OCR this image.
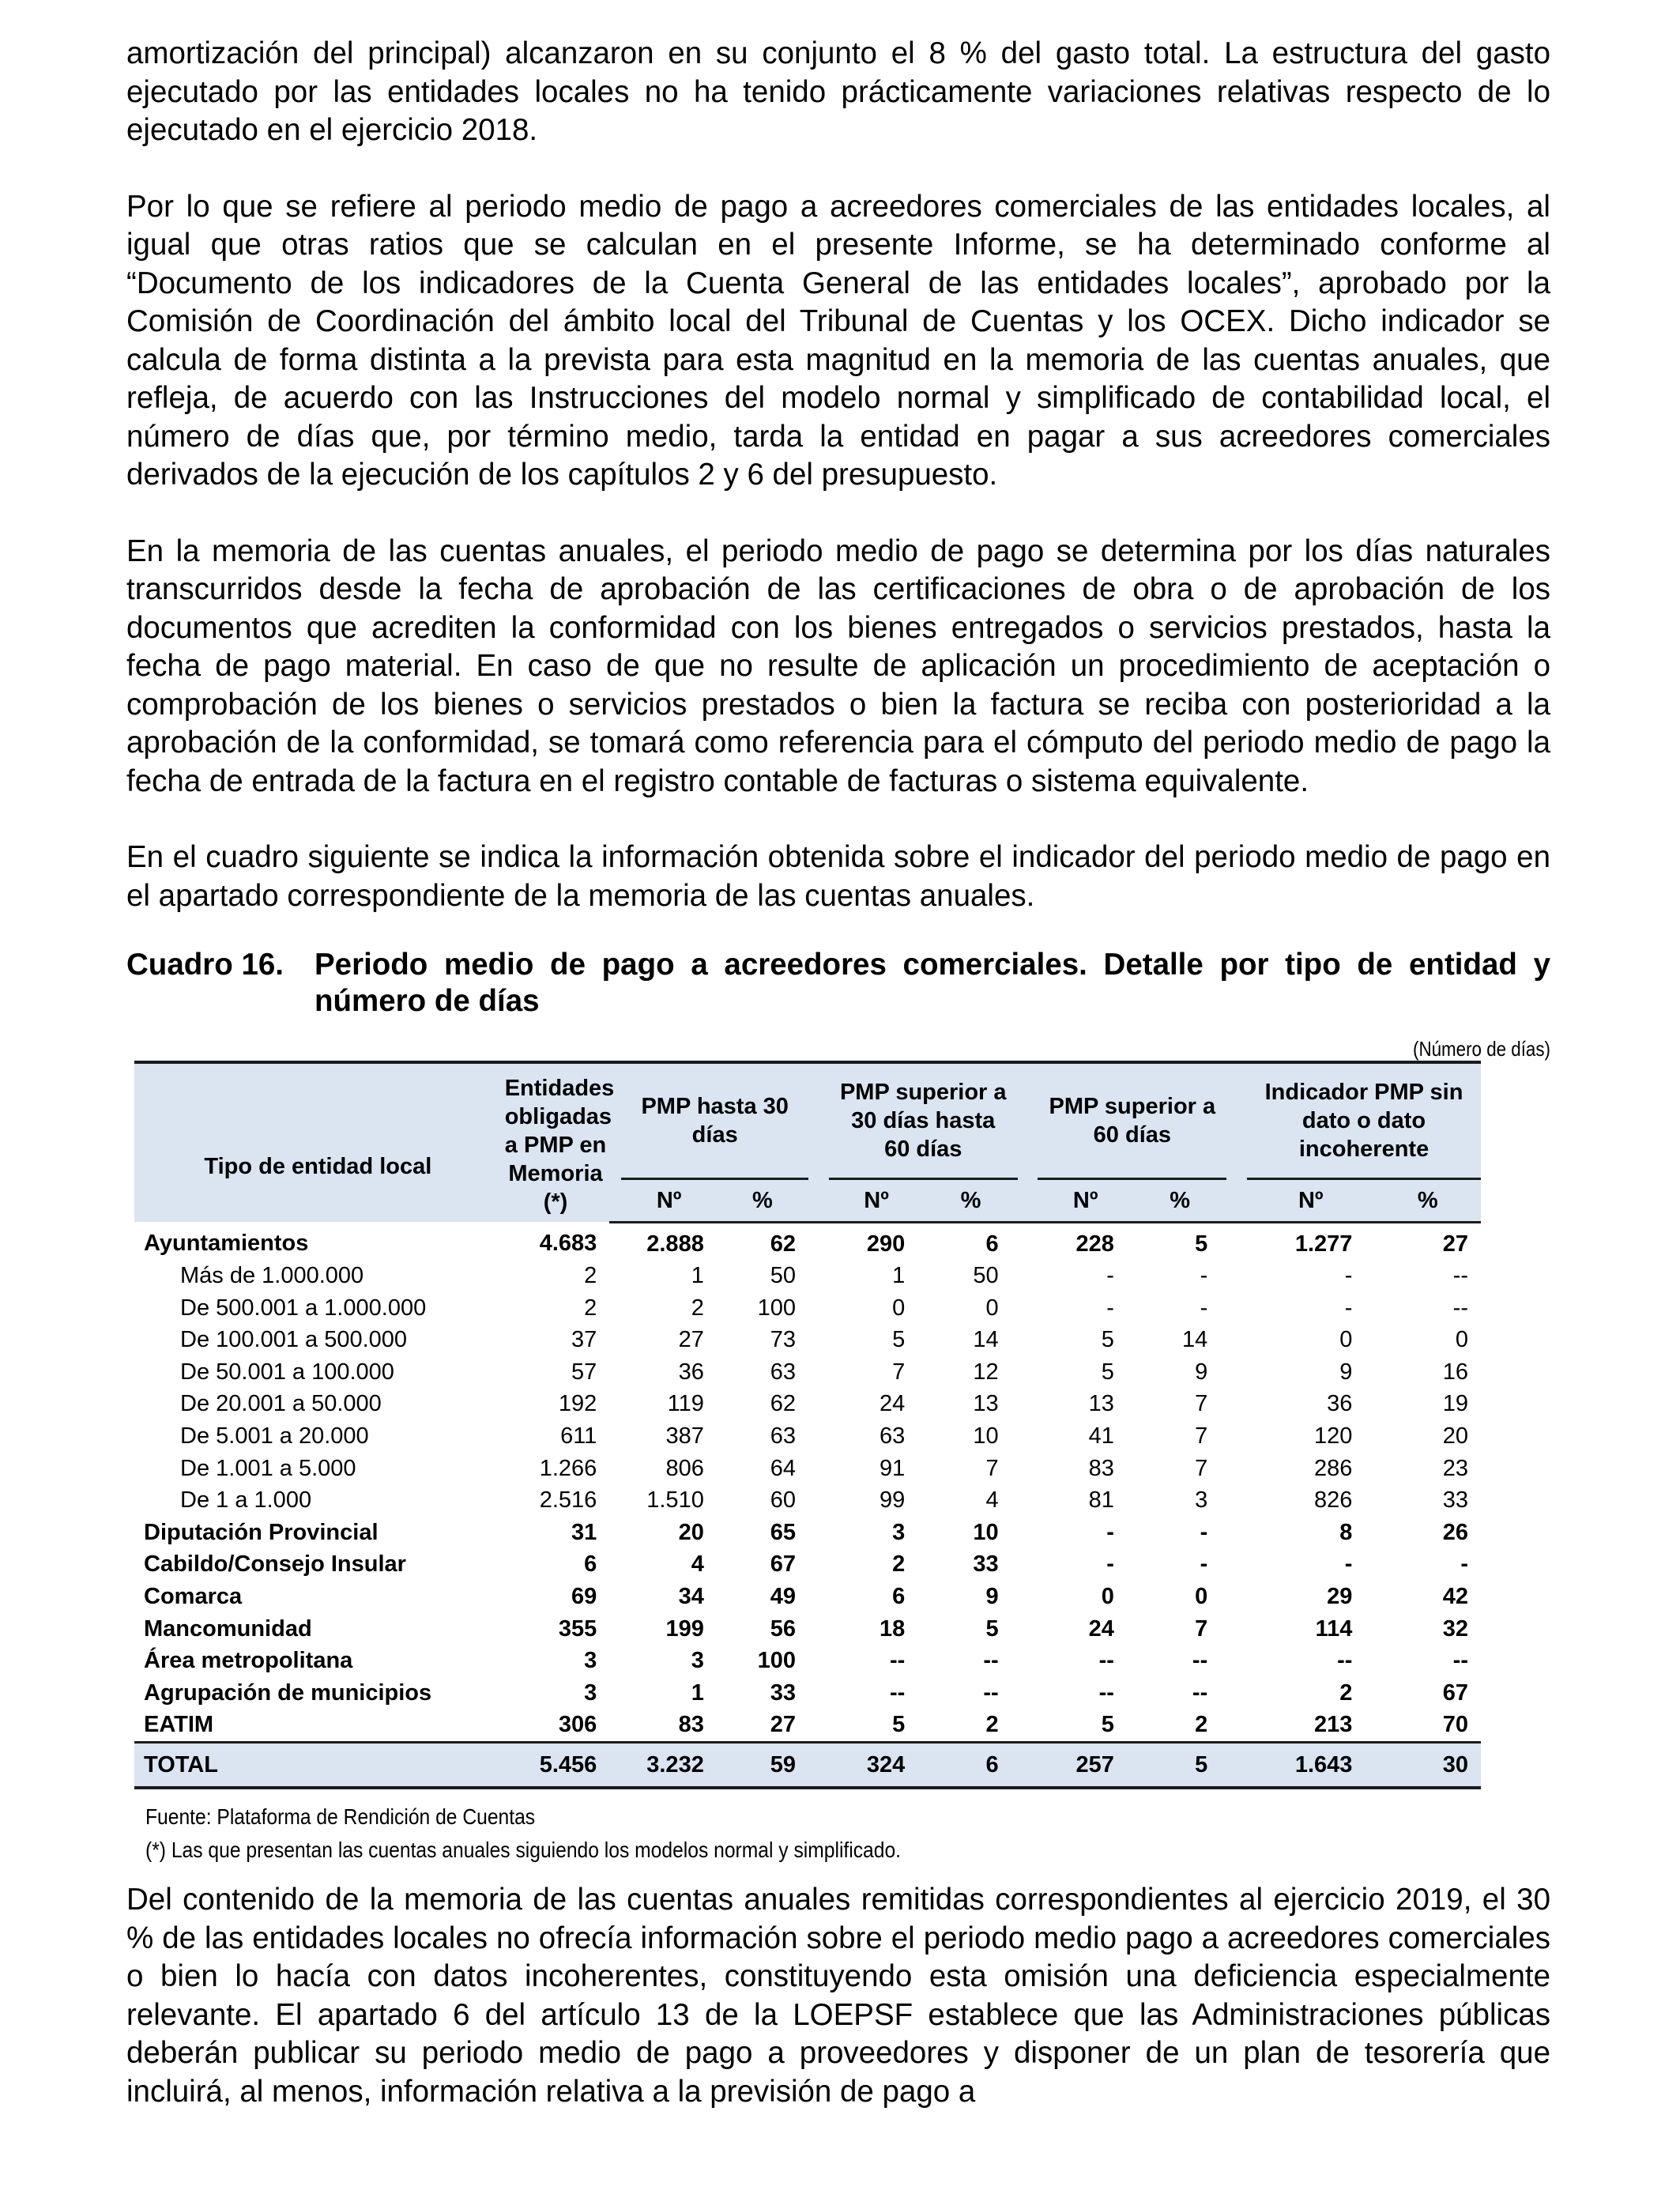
amortización del principal) alcanzaron en su conjunto el 8 % del gasto total. La estructura del gasto ejecutado por las entidades locales no ha tenido prácticamente variaciones relativas respecto de lo ejecutado en el ejercicio 2018.

Por lo que se refiere al periodo medio de pago a acreedores comerciales de las entidades locales, al igual que otras ratios que se calculan en el presente Informe, se ha determinado conforme al “Documento de los indicadores de la Cuenta General de las entidades locales”, aprobado por la Comisión de Coordinación del ámbito local del Tribunal de Cuentas y los OCEX. Dicho indicador se calcula de forma distinta a la prevista para esta magnitud en la memoria de las cuentas anuales, que refleja, de acuerdo con las Instrucciones del modelo normal y simplificado de contabilidad local, el número de días que, por término medio, tarda la entidad en pagar a sus acreedores comerciales derivados de la ejecución de los capítulos 2 y 6 del presupuesto.

En la memoria de las cuentas anuales, el periodo medio de pago se determina por los días naturales transcurridos desde la fecha de aprobación de las certificaciones de obra o de aprobación de los documentos que acrediten la conformidad con los bienes entregados o servicios prestados, hasta la fecha de pago material. En caso de que no resulte de aplicación un procedimiento de aceptación o comprobación de los bienes o servicios prestados o bien la factura se reciba con posterioridad a la aprobación de la conformidad, se tomará como referencia para el cómputo del periodo medio de pago la fecha de entrada de la factura en el registro contable de facturas o sistema equivalente.

En el cuadro siguiente se indica la información obtenida sobre el indicador del periodo medio de pago en el apartado correspondiente de la memoria de las cuentas anuales.

Cuadro 16.	Periodo medio de pago a acreedores comerciales. Detalle por tipo de entidad y número de días
(Número de días)
Tipo de entidad local	Entidades obligadas a PMP en Memoria (*)		PMP hasta 30 días			PMP superior a 30 días hasta 60 días			PMP superior a 60 días			Indicador PMP sin dato o dato incoherente	
			Nº	%		Nº	%		Nº	%		Nº	%
Ayuntamientos	4.683		2.888	62		290	6		228	5		1.277	27
Más de 1.000.000	2		1	50		1	50		-	-		-	--
De 500.001 a 1.000.000	2		2	100		0	0		-	-		-	--
De 100.001 a 500.000	37		27	73		5	14		5	14		0	0
De 50.001 a 100.000	57		36	63		7	12		5	9		9	16
De 20.001 a 50.000	192		119	62		24	13		13	7		36	19
De 5.001 a 20.000	611		387	63		63	10		41	7		120	20
De 1.001 a 5.000	1.266		806	64		91	7		83	7		286	23
De 1 a 1.000	2.516		1.510	60		99	4		81	3		826	33
Diputación Provincial	31		20	65		3	10		-	-		8	26
Cabildo/Consejo Insular	6		4	67		2	33		-	-		-	-
Comarca	69		34	49		6	9		0	0		29	42
Mancomunidad	355		199	56		18	5		24	7		114	32
Área metropolitana	3		3	100		--	--		--	--		--	--
Agrupación de municipios	3		1	33		--	--		--	--		2	67
EATIM	306		83	27		5	2		5	2		213	70
TOTAL	5.456		3.232	59		324	6		257	5		1.643	30
Fuente: Plataforma de Rendición de Cuentas
(*) Las que presentan las cuentas anuales siguiendo los modelos normal y simplificado.

Del contenido de la memoria de las cuentas anuales remitidas correspondientes al ejercicio 2019, el 30 % de las entidades locales no ofrecía información sobre el periodo medio pago a acreedores comerciales o bien lo hacía con datos incoherentes, constituyendo esta omisión una deficiencia especialmente relevante. El apartado 6 del artículo 13 de la LOEPSF establece que las Administraciones públicas deberán publicar su periodo medio de pago a proveedores y disponer de un plan de tesorería que incluirá, al menos, información relativa a la previsión de pago a
